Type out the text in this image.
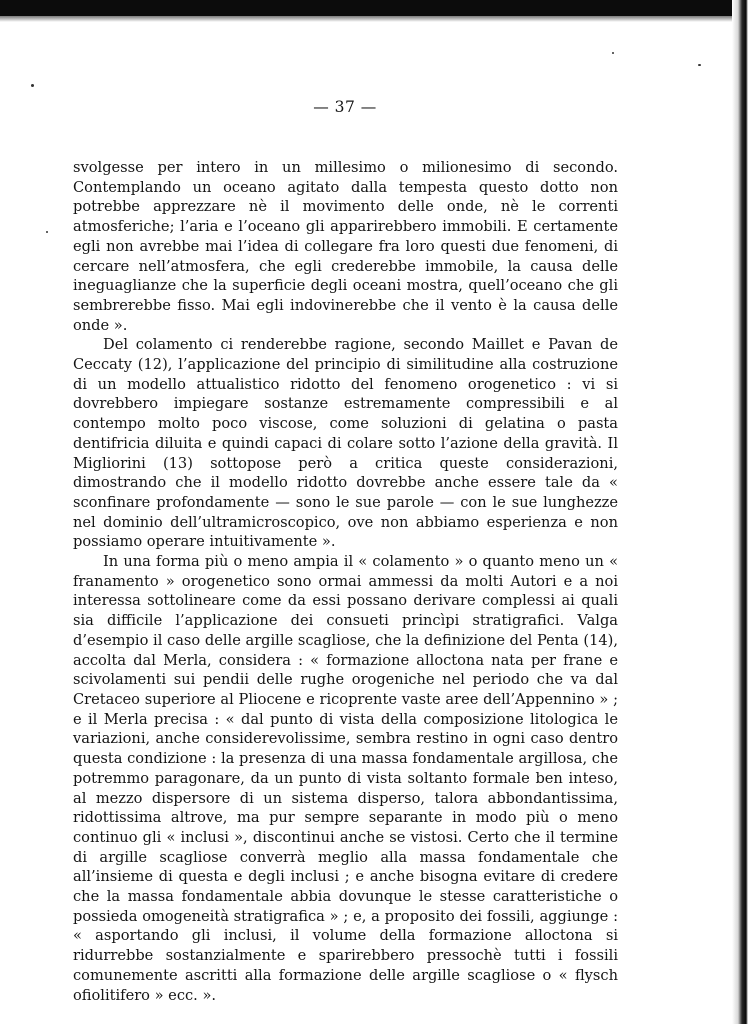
— 37 —

svolgesse per intero in un millesimo o milionesimo di secondo. Contemplando un oceano agitato dalla tempesta questo dotto non potrebbe apprezzare nè il movimento delle onde, nè le correnti atmosferiche; l’aria e l’oceano gli apparirebbero immobili. E certamente egli non avrebbe mai l’idea di collegare fra loro questi due fenomeni, di cercare nell’atmosfera, che egli crederebbe immobile, la causa delle ineguaglianze che la superficie degli oceani mostra, quell’oceano che gli sembrerebbe fisso. Mai egli indovinerebbe che il vento è la causa delle onde ».

Del colamento ci renderebbe ragione, secondo Maillet e Pavan de Ceccaty (12), l’applicazione del principio di similitudine alla costruzione di un modello attualistico ridotto del fenomeno orogenetico : vi si dovrebbero impiegare sostanze estremamente compressibili e al contempo molto poco viscose, come soluzioni di gelatina o pasta dentifricia diluita e quindi capaci di colare sotto l’azione della gravità. Il Migliorini (13) sottopose però a critica queste considerazioni, dimostrando che il modello ridotto dovrebbe anche essere tale da « sconfinare profondamente — sono le sue parole — con le sue lunghezze nel dominio dell’ultramicroscopico, ove non abbiamo esperienza e non possiamo operare intuitivamente ».

In una forma più o meno ampia il « colamento » o quanto meno un « franamento » orogenetico sono ormai ammessi da molti Autori e a noi interessa sottolineare come da essi possano derivare complessi ai quali sia difficile l’applicazione dei consueti princìpi stratigrafici. Valga d’esempio il caso delle argille scagliose, che la definizione del Penta (14), accolta dal Merla, considera : « formazione alloctona nata per frane e scivolamenti sui pendii delle rughe orogeniche nel periodo che va dal Cretaceo superiore al Pliocene e ricoprente vaste aree dell’Appennino » ; e il Merla precisa : « dal punto di vista della composizione litologica le variazioni, anche considerevolissime, sembra restino in ogni caso dentro questa condizione : la presenza di una massa fondamentale argillosa, che potremmo paragonare, da un punto di vista soltanto formale ben inteso, al mezzo dispersore di un sistema disperso, talora abbondantissima, ridottissima altrove, ma pur sempre separante in modo più o meno continuo gli « inclusi », discontinui anche se vistosi. Certo che il termine di argille scagliose converrà meglio alla massa fondamentale che all’insieme di questa e degli inclusi ; e anche bisogna evitare di credere che la massa fondamentale abbia dovunque le stesse caratteristiche o possieda omogeneità stratigrafica » ; e, a proposito dei fossili, aggiunge : « asportando gli inclusi, il volume della formazione alloctona si ridurrebbe sostanzialmente e sparirebbero pressochè tutti i fossili comunemente ascritti alla formazione delle argille scagliose o « flysch ofiolitifero » ecc. ».
